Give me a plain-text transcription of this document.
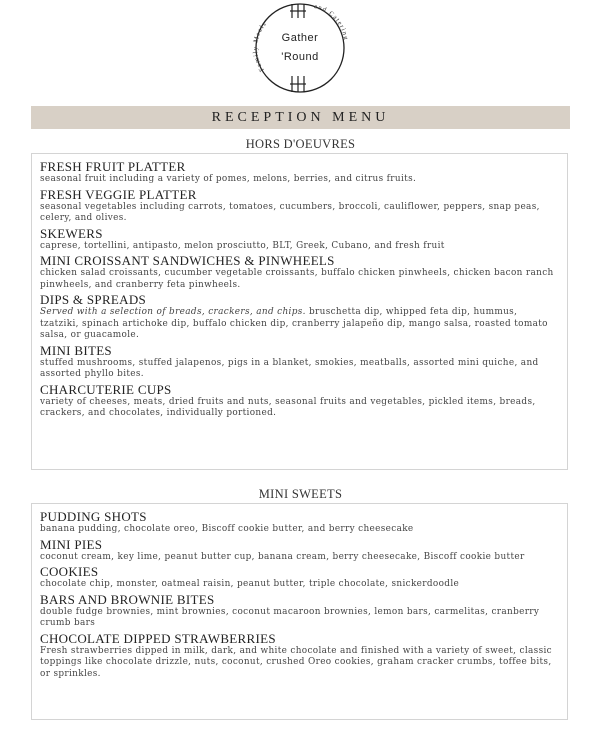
Gather
'Round
Family Meals
and Catering
RECEPTION MENU
HORS D'OEUVRES
FRESH FRUIT PLATTER
seasonal fruit including a variety of pomes, melons, berries, and citrus fruits.
FRESH VEGGIE PLATTER
seasonal vegetables including carrots, tomatoes, cucumbers, broccoli, cauliflower, peppers, snap peas, celery, and olives.
SKEWERS
caprese, tortellini, antipasto, melon prosciutto, BLT, Greek, Cubano, and fresh fruit
MINI CROISSANT SANDWICHES & PINWHEELS
chicken salad croissants, cucumber vegetable croissants, buffalo chicken pinwheels, chicken bacon ranch pinwheels, and cranberry feta pinwheels.
DIPS & SPREADS
Served with a selection of breads, crackers, and chips. bruschetta dip, whipped feta dip, hummus, tzatziki, spinach artichoke dip, buffalo chicken dip, cranberry jalapeño dip, mango salsa, roasted tomato salsa, or guacamole.
MINI BITES
stuffed mushrooms, stuffed jalapenos, pigs in a blanket, smokies, meatballs, assorted mini quiche, and assorted phyllo bites.
CHARCUTERIE CUPS
variety of cheeses, meats, dried fruits and nuts, seasonal fruits and vegetables, pickled items, breads, crackers, and chocolates, individually portioned.
MINI SWEETS
PUDDING SHOTS
banana pudding, chocolate oreo, Biscoff cookie butter, and berry cheesecake
MINI PIES
coconut cream, key lime, peanut butter cup, banana cream, berry cheesecake, Biscoff cookie butter
COOKIES
chocolate chip, monster, oatmeal raisin, peanut butter, triple chocolate, snickerdoodle
BARS AND BROWNIE BITES
double fudge brownies, mint brownies, coconut macaroon brownies, lemon bars, carmelitas, cranberry crumb bars
CHOCOLATE DIPPED STRAWBERRIES
Fresh strawberries dipped in milk, dark, and white chocolate and finished with a variety of sweet, classic toppings like chocolate drizzle, nuts, coconut, crushed Oreo cookies, graham cracker crumbs, toffee bits, or sprinkles.
